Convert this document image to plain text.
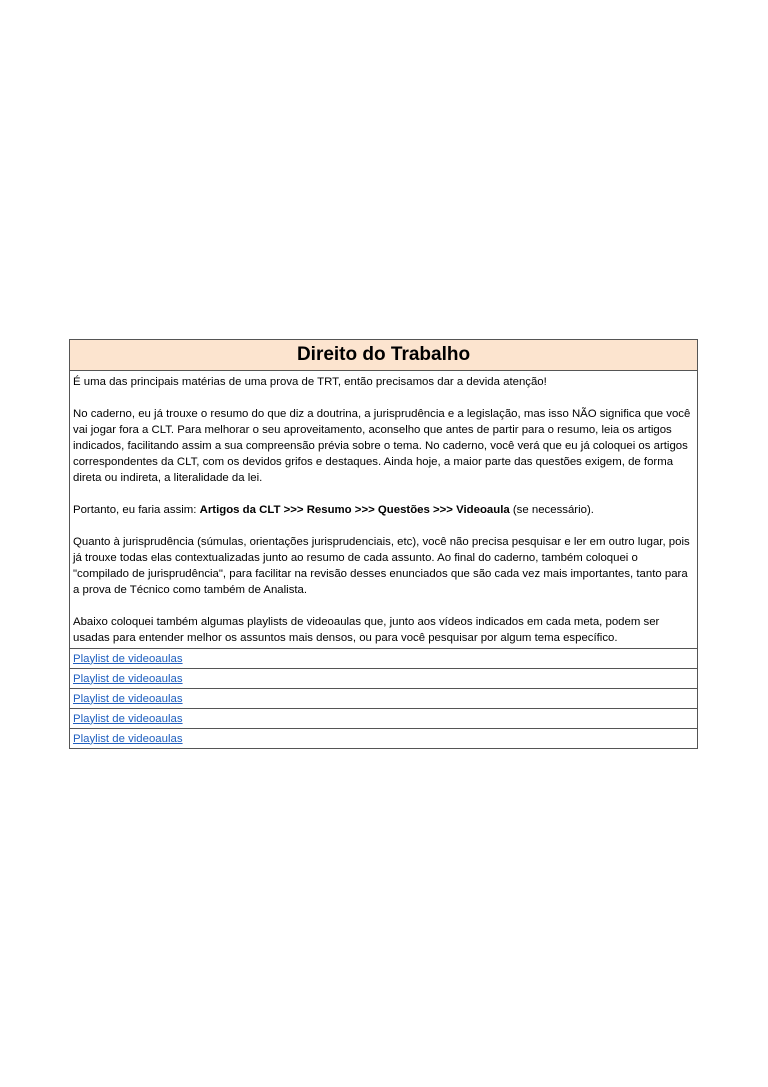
Direito do Trabalho

É uma das principais matérias de uma prova de TRT, então precisamos dar a devida atenção!

No caderno, eu já trouxe o resumo do que diz a doutrina, a jurisprudência e a legislação, mas isso NÃO significa que você vai jogar fora a CLT. Para melhorar o seu aproveitamento, aconselho que antes de partir para o resumo, leia os artigos indicados, facilitando assim a sua compreensão prévia sobre o tema. No caderno, você verá que eu já coloquei os artigos correspondentes da CLT, com os devidos grifos e destaques. Ainda hoje, a maior parte das questões exigem, de forma direta ou indireta, a literalidade da lei.

Portanto, eu faria assim: Artigos da CLT >>> Resumo >>> Questões >>> Videoaula (se necessário).

Quanto à jurisprudência (súmulas, orientações jurisprudenciais, etc), você não precisa pesquisar e ler em outro lugar, pois já trouxe todas elas contextualizadas junto ao resumo de cada assunto. Ao final do caderno, também coloquei o "compilado de jurisprudência", para facilitar na revisão desses enunciados que são cada vez mais importantes, tanto para a prova de Técnico como também de Analista.

Abaixo coloquei também algumas playlists de videoaulas que, junto aos vídeos indicados em cada meta, podem ser usadas para entender melhor os assuntos mais densos, ou para você pesquisar por algum tema específico.

Playlist de videoaulas
Playlist de videoaulas
Playlist de videoaulas
Playlist de videoaulas
Playlist de videoaulas
